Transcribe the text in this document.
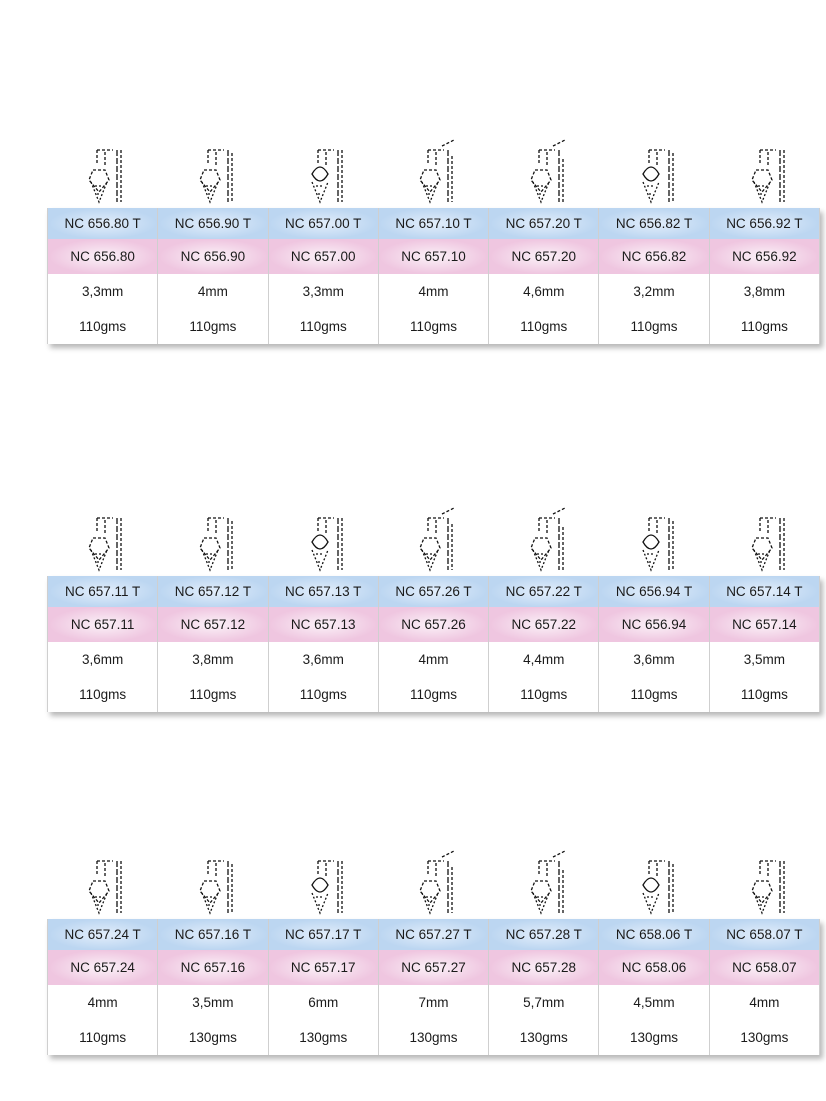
NC 656.80 T	NC 656.90 T	NC 657.00 T	NC 657.10 T	NC 657.20 T	NC 656.82 T	NC 656.92 T
NC 656.80	NC 656.90	NC 657.00	NC 657.10	NC 657.20	NC 656.82	NC 656.92
3,3mm	4mm	3,3mm	4mm	4,6mm	3,2mm	3,8mm
110gms	110gms	110gms	110gms	110gms	110gms	110gms
NC 657.11 T	NC 657.12 T	NC 657.13 T	NC 657.26 T	NC 657.22 T	NC 656.94 T	NC 657.14 T
NC 657.11	NC 657.12	NC 657.13	NC 657.26	NC 657.22	NC 656.94	NC 657.14
3,6mm	3,8mm	3,6mm	4mm	4,4mm	3,6mm	3,5mm
110gms	110gms	110gms	110gms	110gms	110gms	110gms
NC 657.24 T	NC 657.16 T	NC 657.17 T	NC 657.27 T	NC 657.28 T	NC 658.06 T	NC 658.07 T
NC 657.24	NC 657.16	NC 657.17	NC 657.27	NC 657.28	NC 658.06	NC 658.07
4mm	3,5mm	6mm	7mm	5,7mm	4,5mm	4mm
110gms	130gms	130gms	130gms	130gms	130gms	130gms
